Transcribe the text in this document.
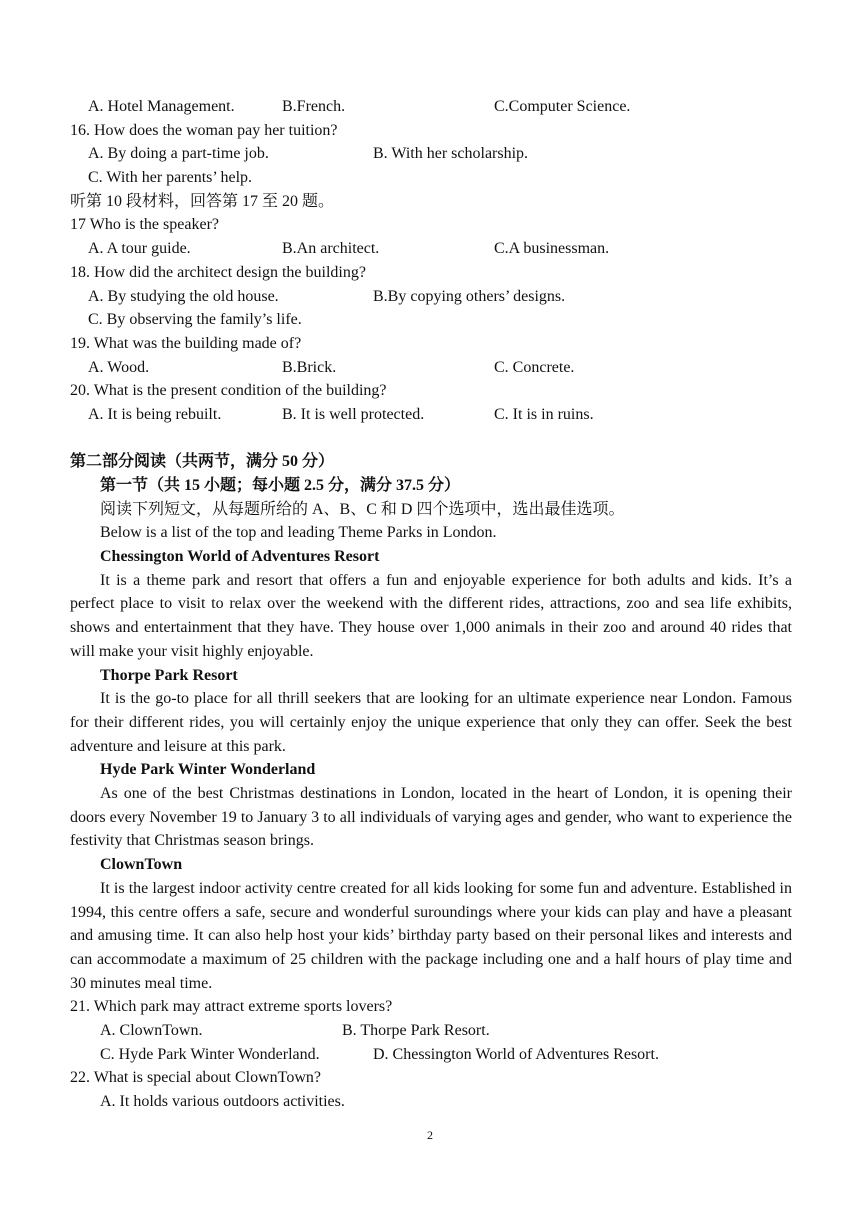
A. Hotel Management.	B.French.	C.Computer Science.
16. How does the woman pay her tuition?
A. By doing a part-time job.	B. With her scholarship.
C. With her parents’ help.
听第 10 段材料，回答第 17 至 20 题。
17 Who is the speaker?
A. A tour guide.	B.An architect.	C.A businessman.
18. How did the architect design the building?
A. By studying the old house.	B.By copying others’ designs.
C. By observing the family’s life.
19. What was the building made of?
A. Wood.	B.Brick.	C. Concrete.
20. What is the present condition of the building?
A. It is being rebuilt.	B. It is well protected.	C. It is in ruins.
第二部分阅读（共两节，满分 50 分）
第一节（共 15 小题；每小题 2.5 分，满分 37.5 分）
阅读下列短文，从每题所给的 A、B、C 和 D 四个选项中，选出最佳选项。
Below is a list of the top and leading Theme Parks in London.
Chessington World of Adventures Resort
It is a theme park and resort that offers a fun and enjoyable experience for both adults and kids. It’s a perfect place to visit to relax over the weekend with the different rides, attractions, zoo and sea life exhibits, shows and entertainment that they have. They house over 1,000 animals in their zoo and around 40 rides that will make your visit highly enjoyable.
Thorpe Park Resort
It is the go-to place for all thrill seekers that are looking for an ultimate experience near London. Famous for their different rides, you will certainly enjoy the unique experience that only they can offer. Seek the best adventure and leisure at this park.
Hyde Park Winter Wonderland
As one of the best Christmas destinations in London, located in the heart of London, it is opening their doors every November 19 to January 3 to all individuals of varying ages and gender, who want to experience the festivity that Christmas season brings.
ClownTown
It is the largest indoor activity centre created for all kids looking for some fun and adventure. Established in 1994, this centre offers a safe, secure and wonderful suroundings where your kids can play and have a pleasant and amusing time. It can also help host your kids’ birthday party based on their personal likes and interests and can accommodate a maximum of 25 children with the package including one and a half hours of play time and 30 minutes meal time.
21. Which park may attract extreme sports lovers?
A. ClownTown.	B. Thorpe Park Resort.
C. Hyde Park Winter Wonderland.	D. Chessington World of Adventures Resort.
22. What is special about ClownTown?
A. It holds various outdoors activities.
2
